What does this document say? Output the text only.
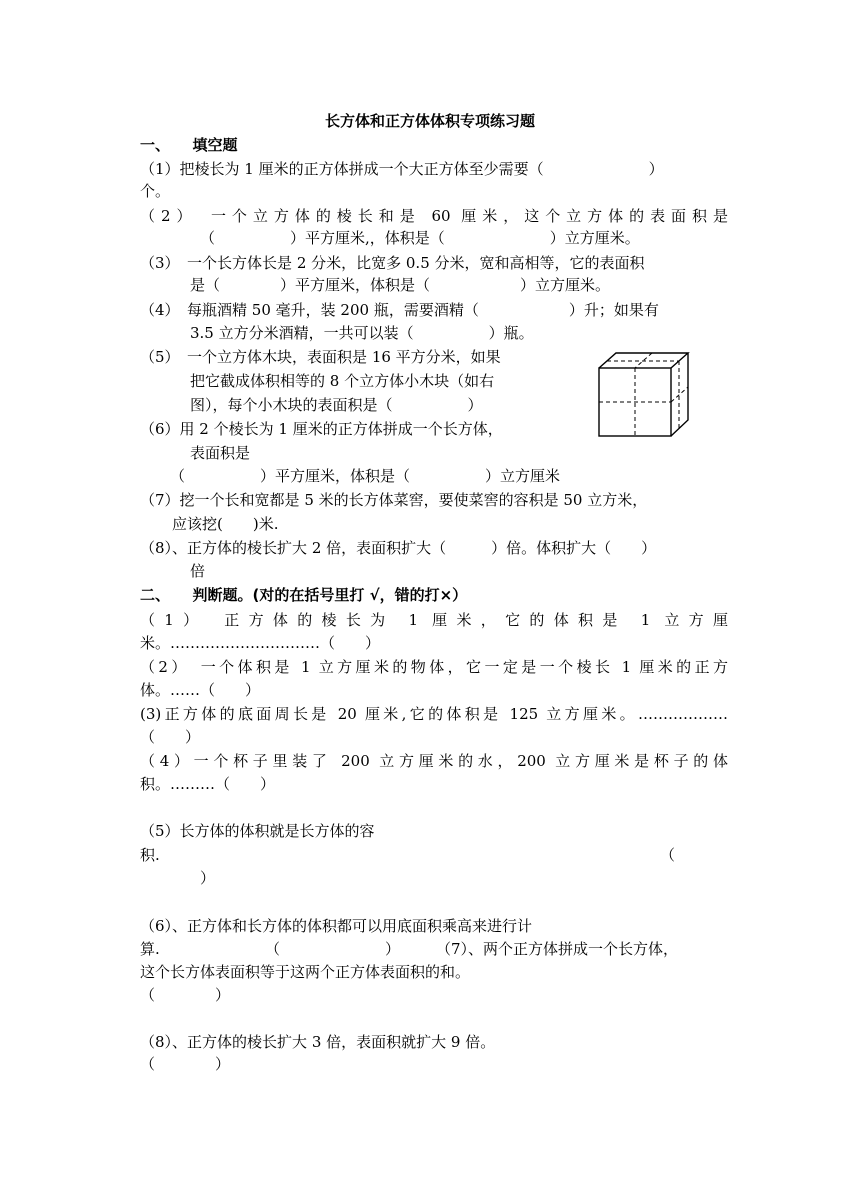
长方体和正方体体积专项练习题
一、　　填空题
（1）把棱长为 1 厘米的正方体拼成一个大正方体至少需要（　　　　　　　）
个。
（2）　一个立方体的棱长和是 60 厘米，这个立方体的表面积是
（　　　　　）平方厘米,，体积是（　　　　　　　）立方厘米。
（3）　一个长方体长是 2 分米，比宽多 0.5 分米，宽和高相等，它的表面积
是（　　　　）平方厘米，体积是（　　　　　　）立方厘米。
（4）　每瓶酒精 50 毫升，装 200 瓶，需要酒精（　　　　　　）升；如果有
3.5 立方分米酒精，一共可以装（　　　　　）瓶。
（5）　一个立方体木块，表面积是 16 平方分米，如果
把它截成体积相等的 8 个立方体小木块（如右
图），每个小木块的表面积是（　　　　　）
（6）用 2 个棱长为 1 厘米的正方体拼成一个长方体，
表面积是
（　　　　　）平方厘米，体积是（　　　　　）立方厘米
（7）挖一个长和宽都是 5 米的长方体菜窖，要使菜窖的容积是 50 立方米，
应该挖(　　)米.
（8）、正方体的棱长扩大 2 倍，表面积扩大（　　　）倍。体积扩大（　　）
倍
二、　　判断题。(对的在括号里打 √，错的打×）
（1）　正方体的棱长为 1 厘米，它的体积是 1 立方厘
米。…………………………（　　）
（2）　一个体积是 1 立方厘米的物体，它一定是一个棱长 1 厘米的正方
体。……（　　）
(3)正方体的底面周长是 20 厘米,它的体积是 125 立方厘米。………………
（　　）
（4）一个杯子里装了 200 立方厘米的水，200 立方厘米是杯子的体
积。………（　　）
（5）长方体的体积就是长方体的容
积.	（
）
（6）、正方体和长方体的体积都可以用底面积乘高来进行计
算.	（　　　　　　　）	（7）、两个正方体拼成一个长方体，
这个长方体表面积等于这两个正方体表面积的和。
（　　　　）
（8）、正方体的棱长扩大 3 倍，表面积就扩大 9 倍。
（　　　　）
